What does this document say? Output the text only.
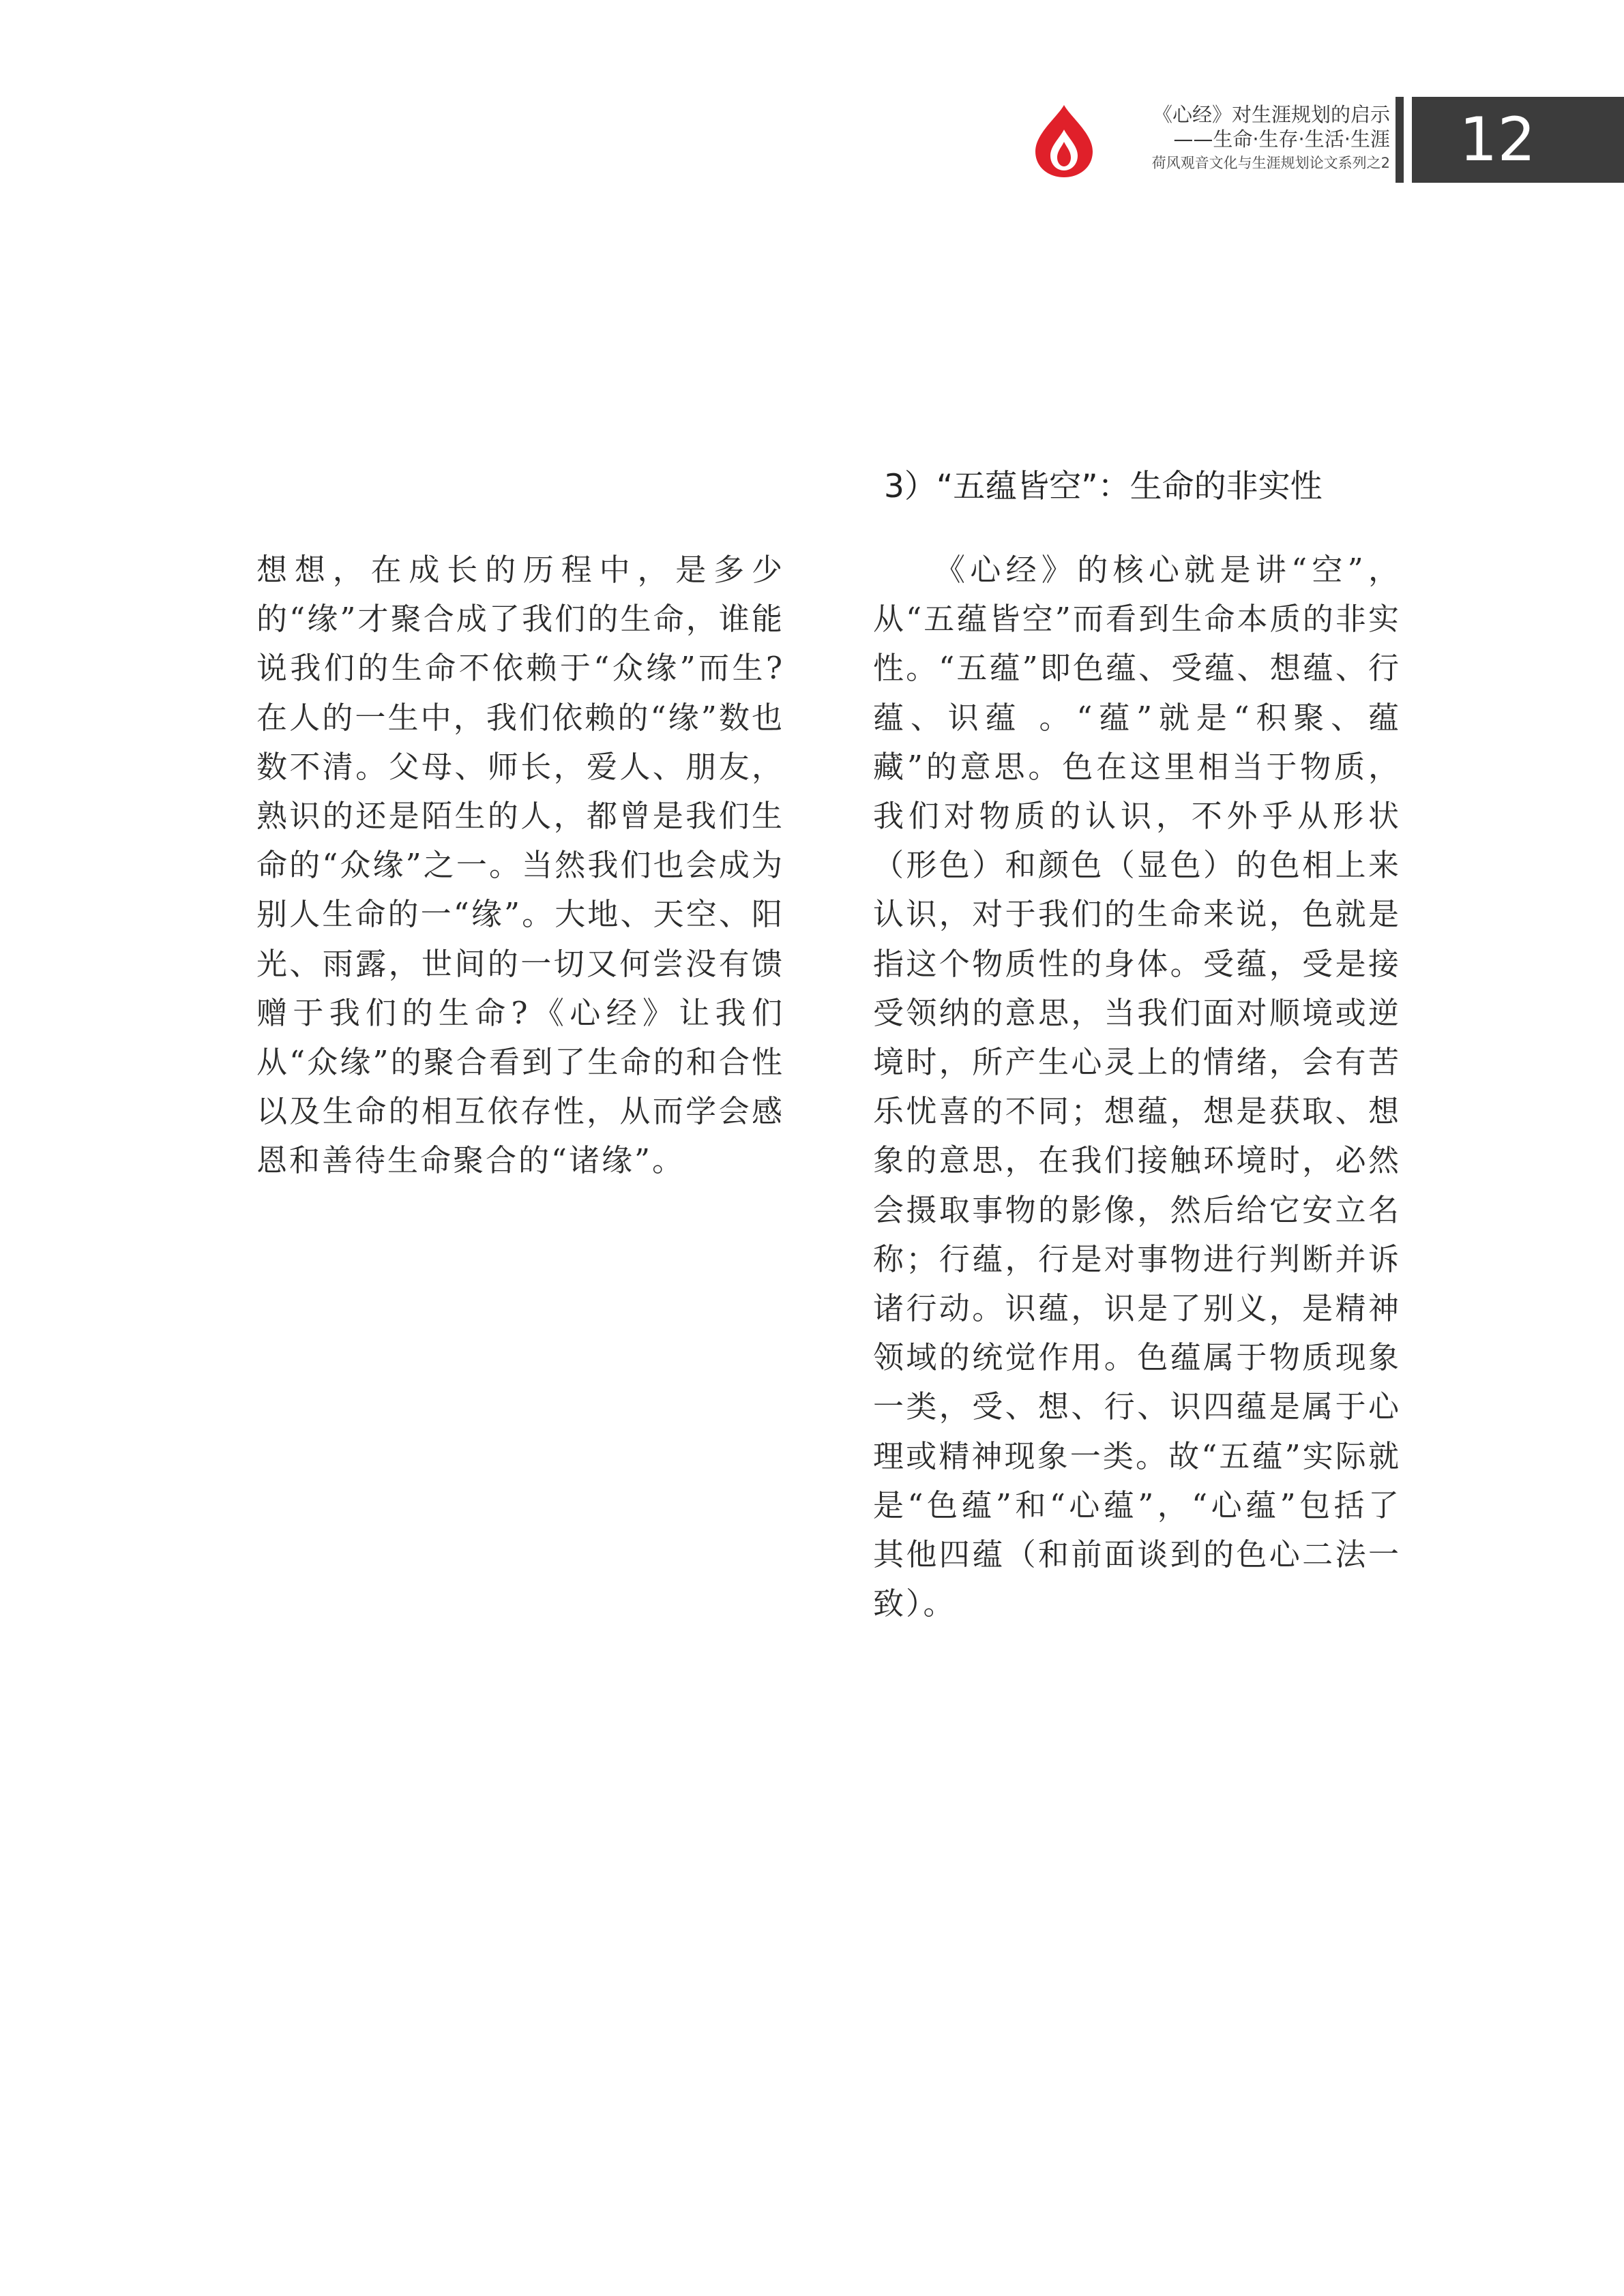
《心经》对生涯规划的启示
——生命·生存·生活·生涯
荷风观音文化与生涯规划论文系列之2	12
3）“五蕴皆空”：生命的非实性

想想，在成长的历程中，是多少的“缘”才聚合成了我们的生命，谁能说我们的生命不依赖于“众缘”而生?在人的一生中，我们依赖的“缘”数也数不清。父母、师长，爱人、朋友，熟识的还是陌生的人，都曾是我们生命的“众缘”之一。当然我们也会成为别人生命的一“缘”。大地、天空、阳光、雨露，世间的一切又何尝没有馈赠于我们的生命?《心经》让我们从“众缘”的聚合看到了生命的和合性以及生命的相互依存性，从而学会感恩和善待生命聚合的“诸缘”。

《心经》的核心就是讲“空”，从“五蕴皆空”而看到生命本质的非实性。“五蕴”即色蕴、受蕴、想蕴、行蕴、识蕴 。“蕴”就是“积聚、蕴藏”的意思。色在这里相当于物质，我们对物质的认识，不外乎从形状（形色）和颜色（显色）的色相上来认识，对于我们的生命来说，色就是指这个物质性的身体。受蕴，受是接受领纳的意思，当我们面对顺境或逆境时，所产生心灵上的情绪，会有苦乐忧喜的不同；想蕴，想是获取、想象的意思，在我们接触环境时，必然会摄取事物的影像，然后给它安立名称；行蕴，行是对事物进行判断并诉诸行动。识蕴，识是了别义，是精神领域的统觉作用。色蕴属于物质现象一类，受、想、行、识四蕴是属于心理或精神现象一类。故“五蕴”实际就是“色蕴”和“心蕴”，“心蕴”包括了其他四蕴（和前面谈到的色心二法一致）。
